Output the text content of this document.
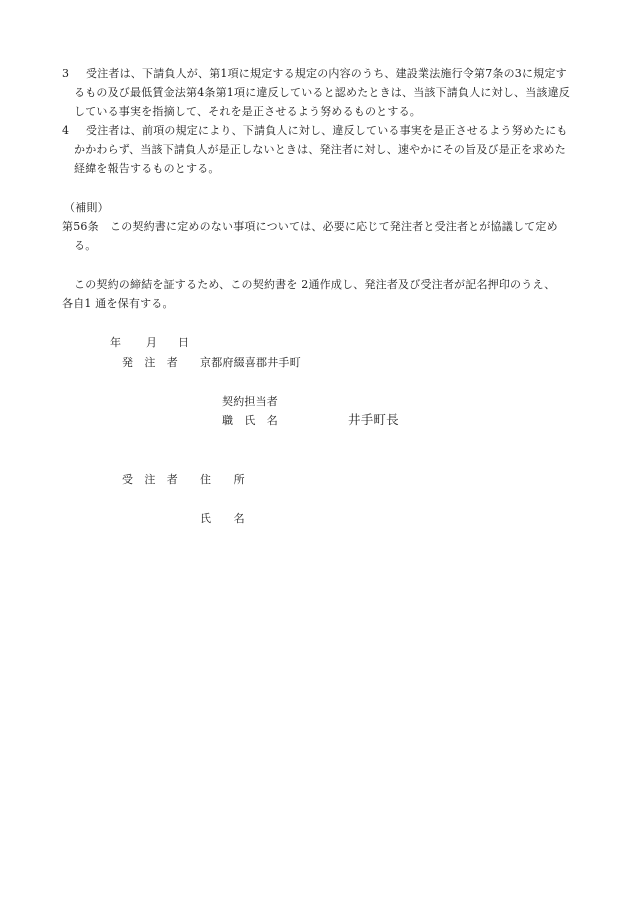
3 受注者は、下請負人が、第1項に規定する規定の内容のうち、建設業法施行令第7条の3に規定す
るもの及び最低賃金法第4条第1項に違反していると認めたときは、当該下請負人に対し、当該違反
している事実を指摘して、それを是正させるよう努めるものとする。
4 受注者は、前項の規定により、下請負人に対し、違反している事実を是正させるよう努めたにも
かかわらず、当該下請負人が是正しないときは、発注者に対し、速やかにその旨及び是正を求めた
経緯を報告するものとする。
（補則）
第56条 この契約書に定めのない事項については、必要に応じて発注者と受注者とが協議して定め
る。
この契約の締結を証するため、この契約書を 2通作成し、発注者及び受注者が記名押印のうえ、
各自1 通を保有する。
年 月 日
発　注　者 京都府綴喜郡井手町
契約担当者
職　氏　名	井手町長
受　注　者 住　　所
氏　　名
